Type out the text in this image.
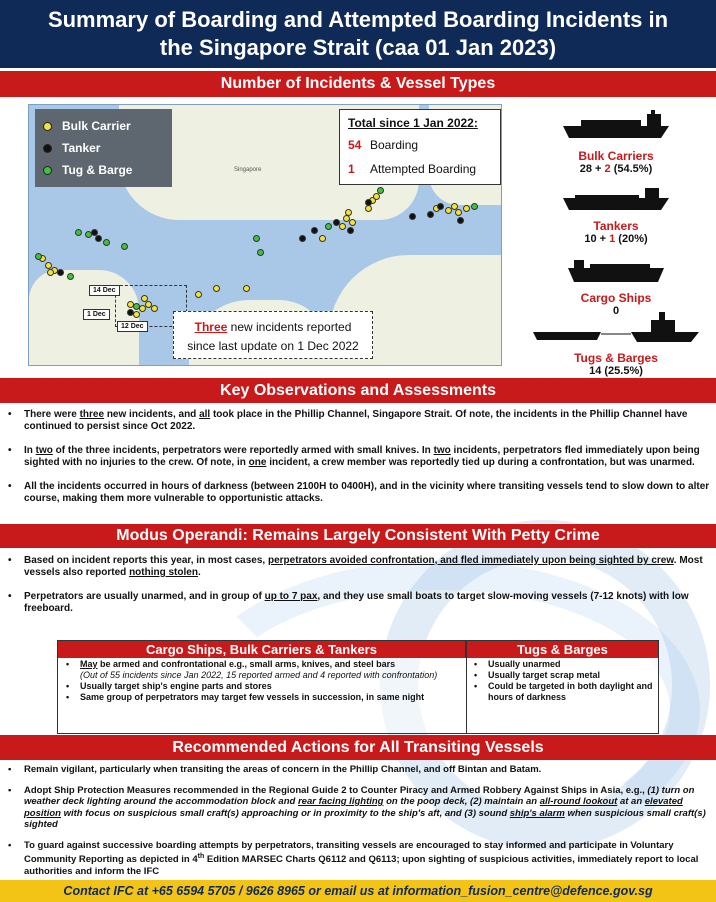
Summary of Boarding and Attempted Boarding Incidents in
the Singapore Strait (caa 01 Jan 2023)
Number of Incidents & Vessel Types
Singapore
Bulk Carrier
Tanker
Tug & Barge
Total since 1 Jan 2022:
54 Boarding
1	Attempted Boarding
14 Dec
1 Dec
12 Dec	Three new incidents reported
since last update on 1 Dec 2022
Bulk Carriers
28 + 2 (54.5%)
Tankers
10 + 1 (20%)
Cargo Ships
0
Tugs & Barges
14 (25.5%)
Key Observations and Assessments
• There were three new incidents, and all took place in the Phillip Channel, Singapore Strait. Of note, the incidents in the Phillip Channel have continued to persist since Oct 2022.
• In two of the three incidents, perpetrators were reportedly armed with small knives. In two incidents, perpetrators fled immediately upon being sighted with no injuries to the crew. Of note, in one incident, a crew member was reportedly tied up during a confrontation, but was unarmed.
• All the incidents occurred in hours of darkness (between 2100H to 0400H), and in the vicinity where transiting vessels tend to slow down to alter course, making them more vulnerable to opportunistic attacks.
Modus Operandi: Remains Largely Consistent With Petty Crime
• Based on incident reports this year, in most cases, perpetrators avoided confrontation, and fled immediately upon being sighted by crew. Most vessels also reported nothing stolen.
• Perpetrators are usually unarmed, and in group of up to 7 pax, and they use small boats to target slow-moving vessels (7-12 knots) with low freeboard.
Cargo Ships, Bulk Carriers & Tankers	Tugs & Barges
• May be armed and confrontational e.g., small arms, knives, and steel bars
(Out of 55 incidents since Jan 2022, 15 reported armed and 4 reported with confrontation)
• Usually target ship's engine parts and stores
• Same group of perpetrators may target few vessels in succession, in same night
• Usually unarmed
• Usually target scrap metal
• Could be targeted in both daylight and hours of darkness
Recommended Actions for All Transiting Vessels
• Remain vigilant, particularly when transiting the areas of concern in the Phillip Channel, and off Bintan and Batam.
• Adopt Ship Protection Measures recommended in the Regional Guide 2 to Counter Piracy and Armed Robbery Against Ships in Asia, e.g., (1) turn on weather deck lighting around the accommodation block and rear facing lighting on the poop deck, (2) maintain an all-round lookout at an elevated position with focus on suspicious small craft(s) approaching or in proximity to the ship's aft, and (3) sound ship's alarm when suspicious small craft(s) sighted
• To guard against successive boarding attempts by perpetrators, transiting vessels are encouraged to stay informed and participate in Voluntary Community Reporting as depicted in 4th Edition MARSEC Charts Q6112 and Q6113; upon sighting of suspicious activities, immediately report to local authorities and inform the IFC
Contact IFC at +65 6594 5705 / 9626 8965 or email us at information_fusion_centre@defence.gov.sg
